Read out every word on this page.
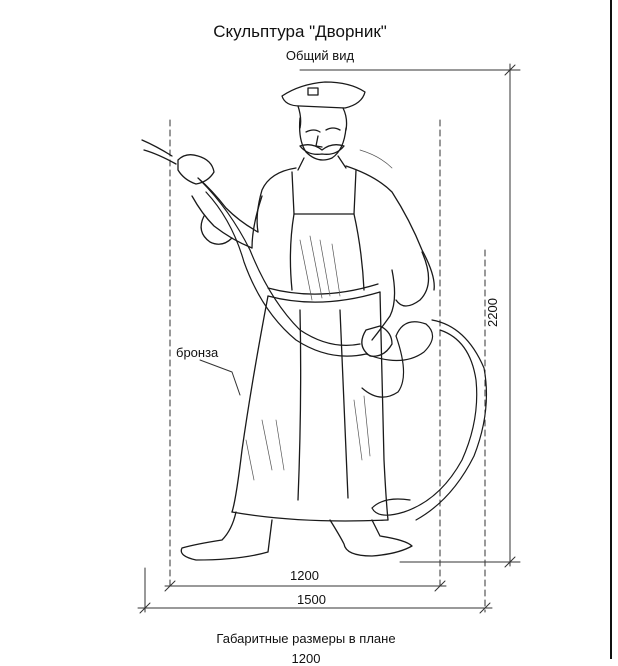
Скульптура "Дворник"
Общий вид
бронза
2200
1200
1500
Габаритные размеры в плане
1200
